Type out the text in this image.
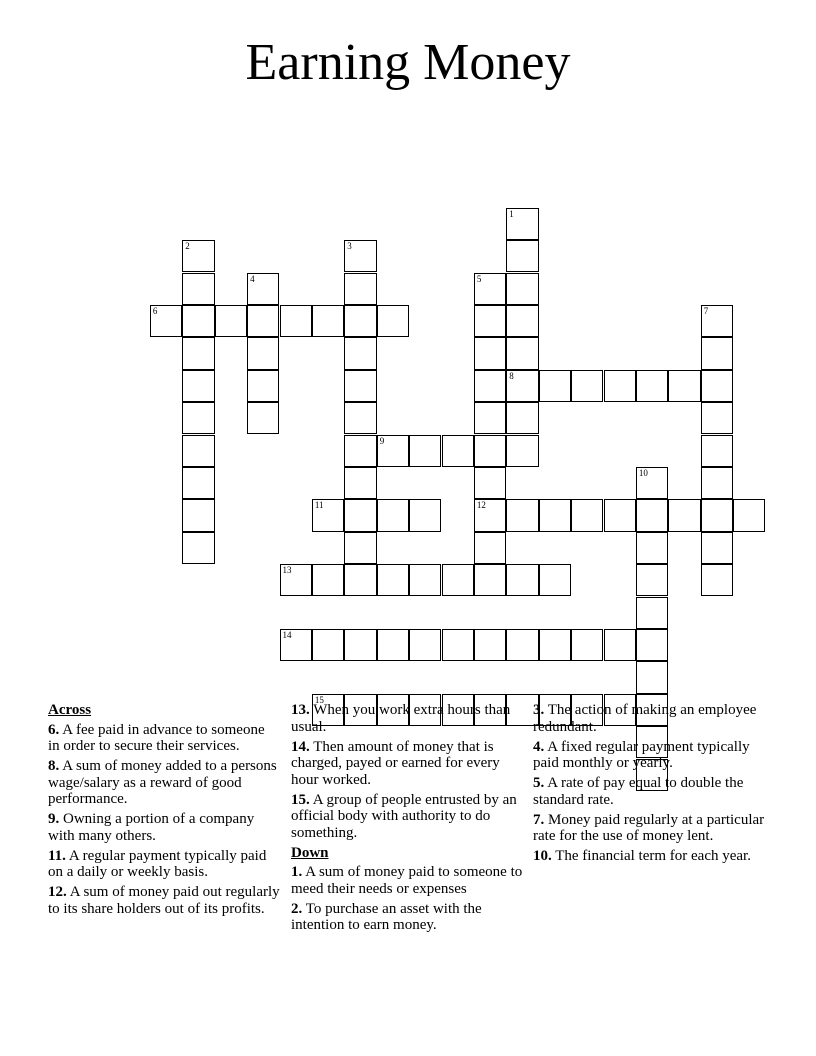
Earning Money
1
2	3
4	5
6	7
8
9
10
11	12
13
14
15

Across

6. A fee paid in advance to someone in order to secure their services.

8. A sum of money added to a persons wage/salary as a reward of good performance.

9. Owning a portion of a company with many others.

11. A regular payment typically paid on a daily or weekly basis.

12. A sum of money paid out regularly to its share holders out of its profits.

13. When you work extra hours than usual.

14. Then amount of money that is charged, payed or earned for every hour worked.

15. A group of people entrusted by an official body with authority to do something.

Down

1. A sum of money paid to someone to meed their needs or expenses

2. To purchase an asset with the intention to earn money.

3. The action of making an employee redundant.

4. A fixed regular payment typically paid monthly or yearly.

5. A rate of pay equal to double the standard rate.

7. Money paid regularly at a particular rate for the use of money lent.

10. The financial term for each year.
